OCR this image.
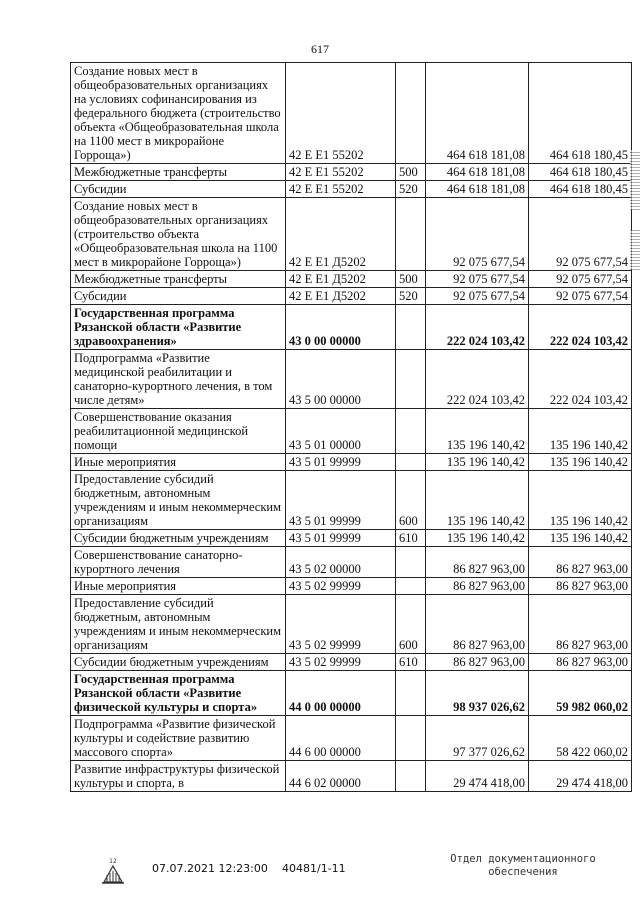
617
Создание новых мест в общеобразовательных организациях на условиях софинансирования из федерального бюджета (строительство объекта «Общеобразовательная школа на 1100 мест в микрорайоне Горроща»)	42 Е Е1 55202		464 618 181,08	464 618 180,45
Межбюджетные трансферты	42 Е Е1 55202	500	464 618 181,08	464 618 180,45
Субсидии	42 Е Е1 55202	520	464 618 181,08	464 618 180,45
Создание новых мест в общеобразовательных организациях (строительство объекта «Общеобразовательная школа на 1100 мест в микрорайоне Горроща»)	42 Е Е1 Д5202		92 075 677,54	92 075 677,54
Межбюджетные трансферты	42 Е Е1 Д5202	500	92 075 677,54	92 075 677,54
Субсидии	42 Е Е1 Д5202	520	92 075 677,54	92 075 677,54
Государственная программа Рязанской области «Развитие здравоохранения»	43 0 00 00000		222 024 103,42	222 024 103,42
Подпрограмма «Развитие медицинской реабилитации и санаторно-курортного лечения, в том числе детям»	43 5 00 00000		222 024 103,42	222 024 103,42
Совершенствование оказания реабилитационной медицинской помощи	43 5 01 00000		135 196 140,42	135 196 140,42
Иные мероприятия	43 5 01 99999		135 196 140,42	135 196 140,42
Предоставление субсидий бюджетным, автономным учреждениям и иным некоммерческим организациям	43 5 01 99999	600	135 196 140,42	135 196 140,42
Субсидии бюджетным учреждениям	43 5 01 99999	610	135 196 140,42	135 196 140,42
Совершенствование санаторно-курортного лечения	43 5 02 00000		86 827 963,00	86 827 963,00
Иные мероприятия	43 5 02 99999		86 827 963,00	86 827 963,00
Предоставление субсидий бюджетным, автономным учреждениям и иным некоммерческим организациям	43 5 02 99999	600	86 827 963,00	86 827 963,00
Субсидии бюджетным учреждениям	43 5 02 99999	610	86 827 963,00	86 827 963,00
Государственная программа Рязанской области «Развитие физической культуры и спорта»	44 0 00 00000		98 937 026,62	59 982 060,02
Подпрограмма «Развитие физической культуры и содействие развитию массового спорта»	44 6 00 00000		97 377 026,62	58 422 060,02
Развитие инфраструктуры физической культуры и спорта, в	44 6 02 00000		29 474 418,00	29 474 418,00
12
07.07.2021 12:23:00 40481/1-11
Отдел документационного
обеспечения
